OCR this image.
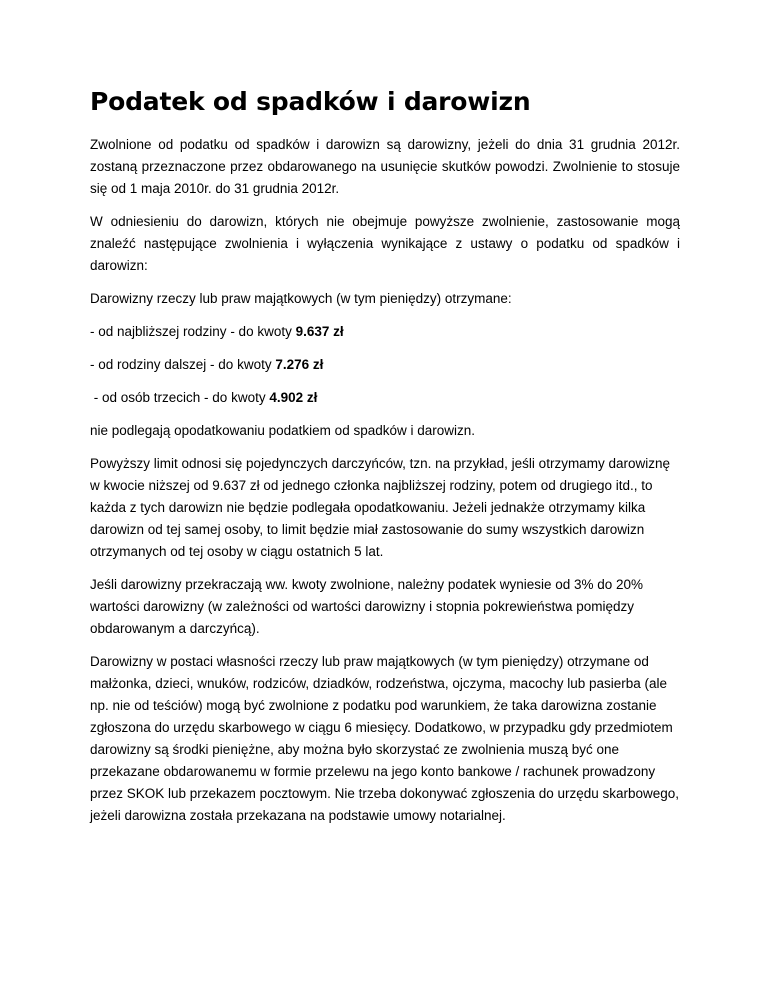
Podatek od spadków i darowizn

Zwolnione od podatku od spadków i darowizn są darowizny, jeżeli do dnia 31 grudnia 2012r. zostaną przeznaczone przez obdarowanego na usunięcie skutków powodzi. Zwolnienie to stosuje się od 1 maja 2010r. do 31 grudnia 2012r.

W odniesieniu do darowizn, których nie obejmuje powyższe zwolnienie, zastosowanie mogą znaleźć następujące zwolnienia i wyłączenia wynikające z ustawy o podatku od spadków i darowizn:

Darowizny rzeczy lub praw majątkowych (w tym pieniędzy) otrzymane:

- od najbliższej rodziny - do kwoty 9.637 zł

- od rodziny dalszej - do kwoty 7.276 zł

- od osób trzecich - do kwoty 4.902 zł

nie podlegają opodatkowaniu podatkiem od spadków i darowizn.

Powyższy limit odnosi się pojedynczych darczyńców, tzn. na przykład, jeśli otrzymamy darowiznę w kwocie niższej od 9.637 zł od jednego członka najbliższej rodziny, potem od drugiego itd., to każda z tych darowizn nie będzie podlegała opodatkowaniu. Jeżeli jednakże otrzymamy kilka darowizn od tej samej osoby, to limit będzie miał zastosowanie do sumy wszystkich darowizn otrzymanych od tej osoby w ciągu ostatnich 5 lat.

Jeśli darowizny przekraczają ww. kwoty zwolnione, należny podatek wyniesie od 3% do 20% wartości darowizny (w zależności od wartości darowizny i stopnia pokrewieństwa pomiędzy obdarowanym a darczyńcą).

Darowizny w postaci własności rzeczy lub praw majątkowych (w tym pieniędzy) otrzymane od małżonka, dzieci, wnuków, rodziców, dziadków, rodzeństwa, ojczyma, macochy lub pasierba (ale np. nie od teściów) mogą być zwolnione z podatku pod warunkiem, że taka darowizna zostanie zgłoszona do urzędu skarbowego w ciągu 6 miesięcy. Dodatkowo, w przypadku gdy przedmiotem darowizny są środki pieniężne, aby można było skorzystać ze zwolnienia muszą być one przekazane obdarowanemu w formie przelewu na jego konto bankowe / rachunek prowadzony przez SKOK lub przekazem pocztowym. Nie trzeba dokonywać zgłoszenia do urzędu skarbowego, jeżeli darowizna została przekazana na podstawie umowy notarialnej.
